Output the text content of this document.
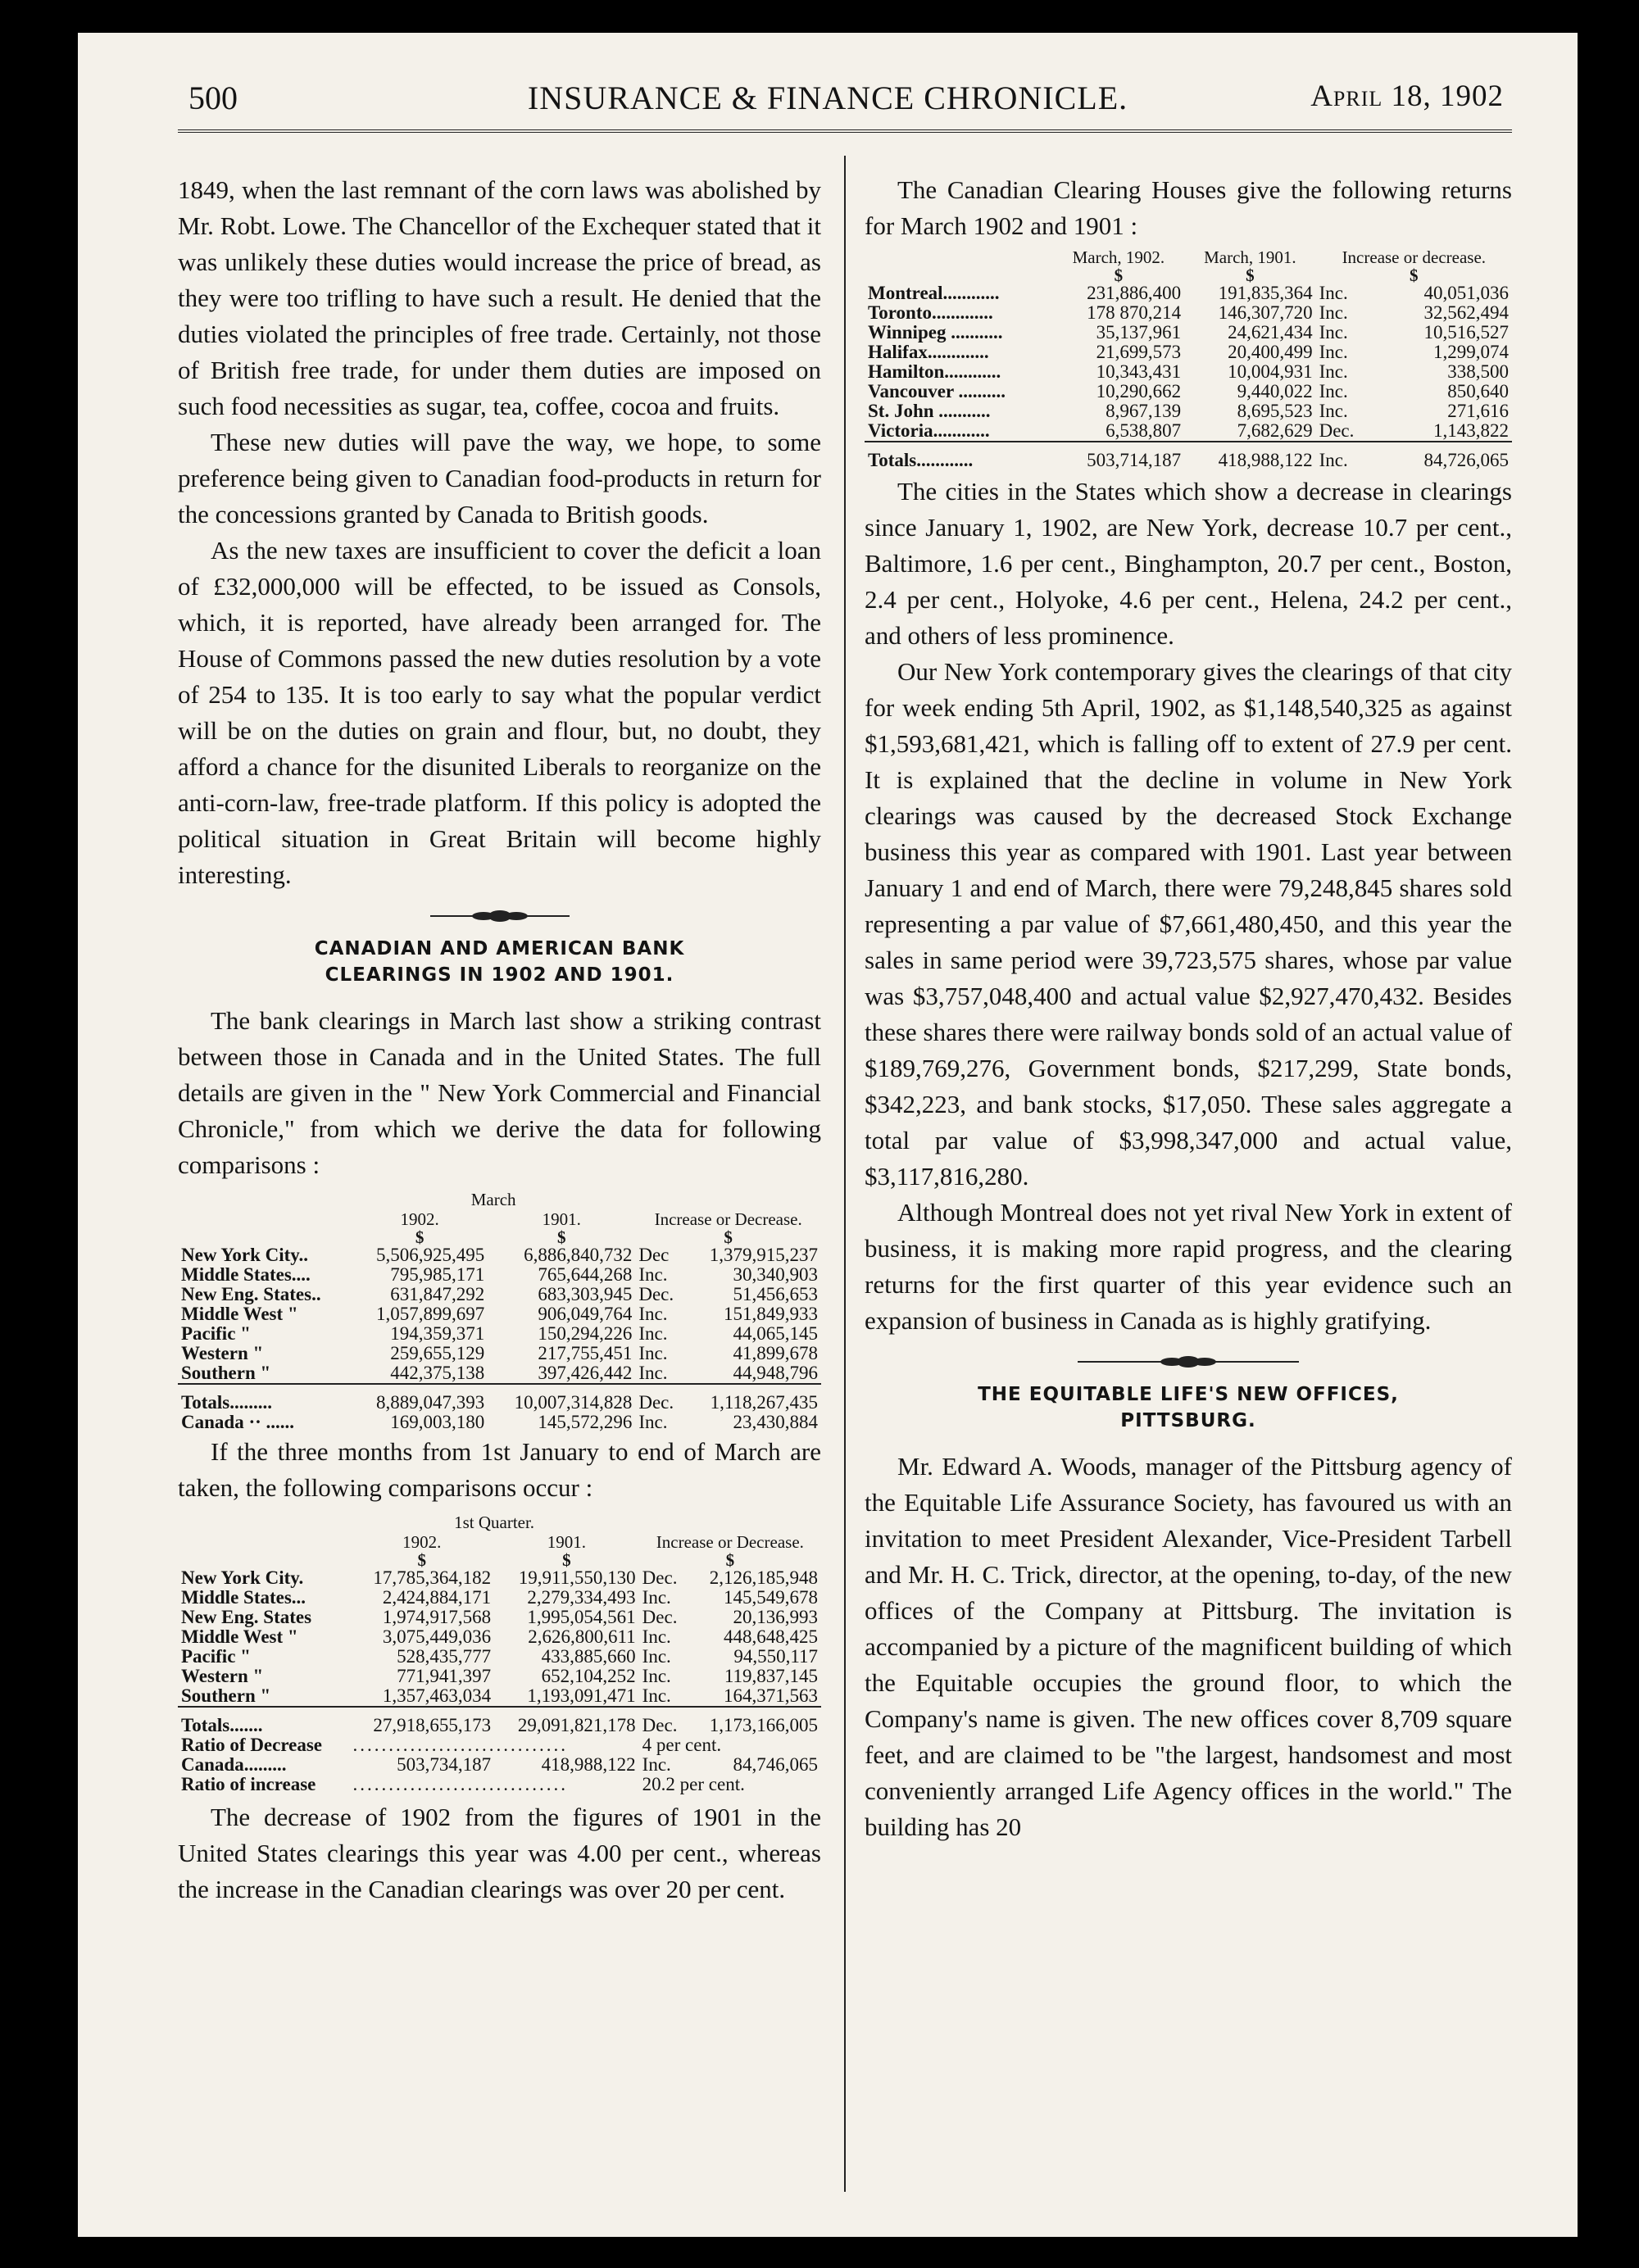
500	INSURANCE & FINANCE CHRONICLE.	April 18, 1902

1849, when the last remnant of the corn laws was abolished by Mr. Robt. Lowe. The Chancellor of the Exchequer stated that it was unlikely these duties would increase the price of bread, as they were too trifling to have such a result. He denied that the duties violated the principles of free trade. Certainly, not those of British free trade, for under them duties are imposed on such food necessities as sugar, tea, coffee, cocoa and fruits.

These new duties will pave the way, we hope, to some preference being given to Canadian food-products in return for the concessions granted by Canada to British goods.

As the new taxes are insufficient to cover the deficit a loan of £32,000,000 will be effected, to be issued as Consols, which, it is reported, have already been arranged for. The House of Commons passed the new duties resolution by a vote of 254 to 135. It is too early to say what the popular verdict will be on the duties on grain and flour, but, no doubt, they afford a chance for the disunited Liberals to reorganize on the anti-corn-law, free-trade platform. If this policy is adopted the political situation in Great Britain will become highly interesting.

CANADIAN AND AMERICAN BANK
CLEARINGS IN 1902 AND 1901.

The bank clearings in March last show a striking contrast between those in Canada and in the United States. The full details are given in the " New York Commercial and Financial Chronicle," from which we derive the data for following comparisons :

	March		Increase or Decrease.	
	1902.	1901.		
	$	$	$	
New York City..	5,506,925,495	6,886,840,732	Dec	1,379,915,237
Middle States....	795,985,171	765,644,268	Inc.	30,340,903
New Eng. States..	631,847,292	683,303,945	Dec.	51,456,653
Middle West "	1,057,899,697	906,049,764	Inc.	151,849,933
Pacific "	194,359,371	150,294,226	Inc.	44,065,145
Western "	259,655,129	217,755,451	Inc.	41,899,678
Southern "	442,375,138	397,426,442	Inc.	44,948,796

Totals.........	8,889,047,393	10,007,314,828	Dec.	1,118,267,435
Canada ·· ......	169,003,180	145,572,296	Inc.	23,430,884

If the three months from 1st January to end of March are taken, the following comparisons occur :

	1st Quarter.		Increase or Decrease.	
	1902.	1901.		
	$	$	$	
New York City.	17,785,364,182	19,911,550,130	Dec.	2,126,185,948
Middle States...	2,424,884,171	2,279,334,493	Inc.	145,549,678
New Eng. States	1,974,917,568	1,995,054,561	Dec.	20,136,993
Middle West "	3,075,449,036	2,626,800,611	Inc.	448,648,425
Pacific "	528,435,777	433,885,660	Inc.	94,550,117
Western "	771,941,397	652,104,252	Inc.	119,837,145
Southern "	1,357,463,034	1,193,091,471	Inc.	164,371,563

Totals.......	27,918,655,173	29,091,821,178	Dec.	1,173,166,005
Ratio of Decrease	..............................		4 per cent.	
Canada.........	503,734,187	418,988,122	Inc.	84,746,065
Ratio of increase	..............................		20.2 per cent.	

The decrease of 1902 from the figures of 1901 in the United States clearings this year was 4.00 per cent., whereas the increase in the Canadian clearings was over 20 per cent.

The Canadian Clearing Houses give the following returns for March 1902 and 1901 :

	March, 1902.	March, 1901.	Increase or decrease.	
	$	$	$	
Montreal............	231,886,400	191,835,364	Inc.	40,051,036
Toronto.............	178 870,214	146,307,720	Inc.	32,562,494
Winnipeg ...........	35,137,961	24,621,434	Inc.	10,516,527
Halifax.............	21,699,573	20,400,499	Inc.	1,299,074
Hamilton............	10,343,431	10,004,931	Inc.	338,500
Vancouver ..........	10,290,662	9,440,022	Inc.	850,640
St. John ...........	8,967,139	8,695,523	Inc.	271,616
Victoria............	6,538,807	7,682,629	Dec.	1,143,822

Totals............	503,714,187	418,988,122	Inc.	84,726,065

The cities in the States which show a decrease in clearings since January 1, 1902, are New York, decrease 10.7 per cent., Baltimore, 1.6 per cent., Binghampton, 20.7 per cent., Boston, 2.4 per cent., Holyoke, 4.6 per cent., Helena, 24.2 per cent., and others of less prominence.

Our New York contemporary gives the clearings of that city for week ending 5th April, 1902, as $1,148,540,325 as against $1,593,681,421, which is falling off to extent of 27.9 per cent. It is explained that the decline in volume in New York clearings was caused by the decreased Stock Exchange business this year as compared with 1901. Last year between January 1 and end of March, there were 79,248,845 shares sold representing a par value of $7,661,480,450, and this year the sales in same period were 39,723,575 shares, whose par value was $3,757,048,400 and actual value $2,927,470,432. Besides these shares there were railway bonds sold of an actual value of $189,769,276, Government bonds, $217,299, State bonds, $342,223, and bank stocks, $17,050. These sales aggregate a total par value of $3,998,347,000 and actual value, $3,117,816,280.

Although Montreal does not yet rival New York in extent of business, it is making more rapid progress, and the clearing returns for the first quarter of this year evidence such an expansion of business in Canada as is highly gratifying.

THE EQUITABLE LIFE'S NEW OFFICES,
PITTSBURG.

Mr. Edward A. Woods, manager of the Pittsburg agency of the Equitable Life Assurance Society, has favoured us with an invitation to meet President Alexander, Vice-President Tarbell and Mr. H. C. Trick, director, at the opening, to-day, of the new offices of the Company at Pittsburg. The invitation is accompanied by a picture of the magnificent building of which the Equitable occupies the ground floor, to which the Company's name is given. The new offices cover 8,709 square feet, and are claimed to be "the largest, handsomest and most conveniently arranged Life Agency offices in the world." The building has 20
